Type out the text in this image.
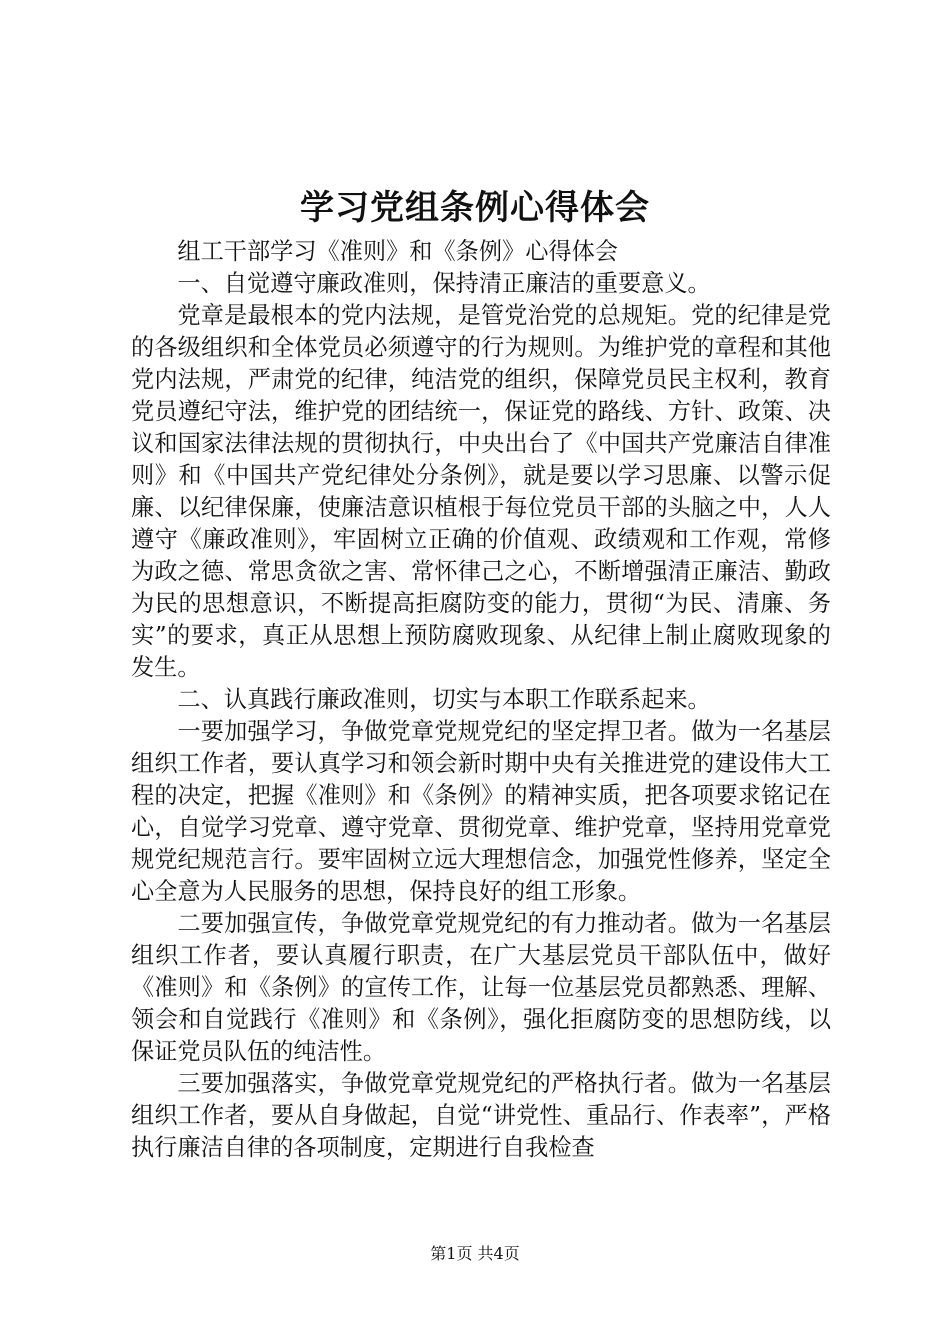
学习党组条例心得体会

组工干部学习《准则》和《条例》心得体会

一、自觉遵守廉政准则，保持清正廉洁的重要意义。

党章是最根本的党内法规，是管党治党的总规矩。党的纪律是党的各级组织和全体党员必须遵守的行为规则。为维护党的章程和其他党内法规，严肃党的纪律，纯洁党的组织，保障党员民主权利，教育党员遵纪守法，维护党的团结统一，保证党的路线、方针、政策、决议和国家法律法规的贯彻执行，中央出台了《中国共产党廉洁自律准则》和《中国共产党纪律处分条例》，就是要以学习思廉、以警示促廉、以纪律保廉，使廉洁意识植根于每位党员干部的头脑之中，人人遵守《廉政准则》，牢固树立正确的价值观、政绩观和工作观，常修为政之德、常思贪欲之害、常怀律己之心，不断增强清正廉洁、勤政为民的思想意识，不断提高拒腐防变的能力，贯彻“为民、清廉、务实”的要求，真正从思想上预防腐败现象、从纪律上制止腐败现象的发生。

二、认真践行廉政准则，切实与本职工作联系起来。

一要加强学习，争做党章党规党纪的坚定捍卫者。做为一名基层组织工作者，要认真学习和领会新时期中央有关推进党的建设伟大工程的决定，把握《准则》和《条例》的精神实质，把各项要求铭记在心，自觉学习党章、遵守党章、贯彻党章、维护党章，坚持用党章党规党纪规范言行。要牢固树立远大理想信念，加强党性修养，坚定全心全意为人民服务的思想，保持良好的组工形象。

二要加强宣传，争做党章党规党纪的有力推动者。做为一名基层组织工作者，要认真履行职责，在广大基层党员干部队伍中，做好《准则》和《条例》的宣传工作，让每一位基层党员都熟悉、理解、领会和自觉践行《准则》和《条例》，强化拒腐防变的思想防线，以保证党员队伍的纯洁性。

三要加强落实，争做党章党规党纪的严格执行者。做为一名基层组织工作者，要从自身做起，自觉“讲党性、重品行、作表率”，严格执行廉洁自律的各项制度，定期进行自我检查

第1页 共4页
